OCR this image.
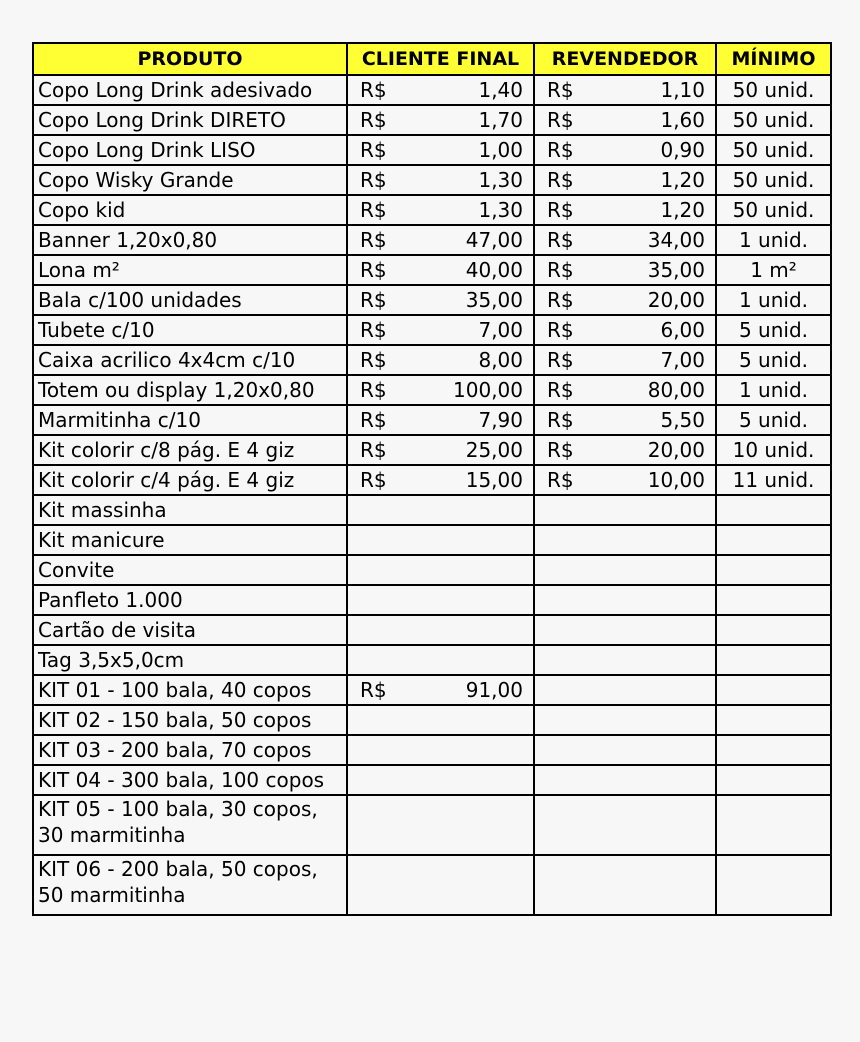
PRODUTO	CLIENTE FINAL	REVENDEDOR	MÍNIMO
Copo Long Drink adesivado	R$ 1,40	R$ 1,10	50 unid.
Copo Long Drink DIRETO	R$ 1,70	R$ 1,60	50 unid.
Copo Long Drink LISO	R$ 1,00	R$ 0,90	50 unid.
Copo Wisky Grande	R$ 1,30	R$ 1,20	50 unid.
Copo kid	R$ 1,30	R$ 1,20	50 unid.
Banner 1,20x0,80	R$ 47,00	R$ 34,00	1 unid.
Lona m²	R$ 40,00	R$ 35,00	1 m²
Bala c/100 unidades	R$ 35,00	R$ 20,00	1 unid.
Tubete c/10	R$ 7,00	R$ 6,00	5 unid.
Caixa acrilico 4x4cm c/10	R$ 8,00	R$ 7,00	5 unid.
Totem ou display 1,20x0,80	R$ 100,00	R$ 80,00	1 unid.
Marmitinha c/10	R$ 7,90	R$ 5,50	5 unid.
Kit colorir c/8 pág. E 4 giz	R$ 25,00	R$ 20,00	10 unid.
Kit colorir c/4 pág. E 4 giz	R$ 15,00	R$ 10,00	11 unid.
Kit massinha	

Kit manicure	

Convite	

Panfleto 1.000	

Cartão de visita	

Tag 3,5x5,0cm	

KIT 01 - 100 bala, 40 copos	R$ 91,00		

KIT 02 - 150 bala, 50 copos	

KIT 03 - 200 bala, 70 copos	

KIT 04 - 300 bala, 100 copos	

KIT 05 - 100 bala, 30 copos, 30 marmitinha	

KIT 06 - 200 bala, 50 copos, 50 marmitinha	
